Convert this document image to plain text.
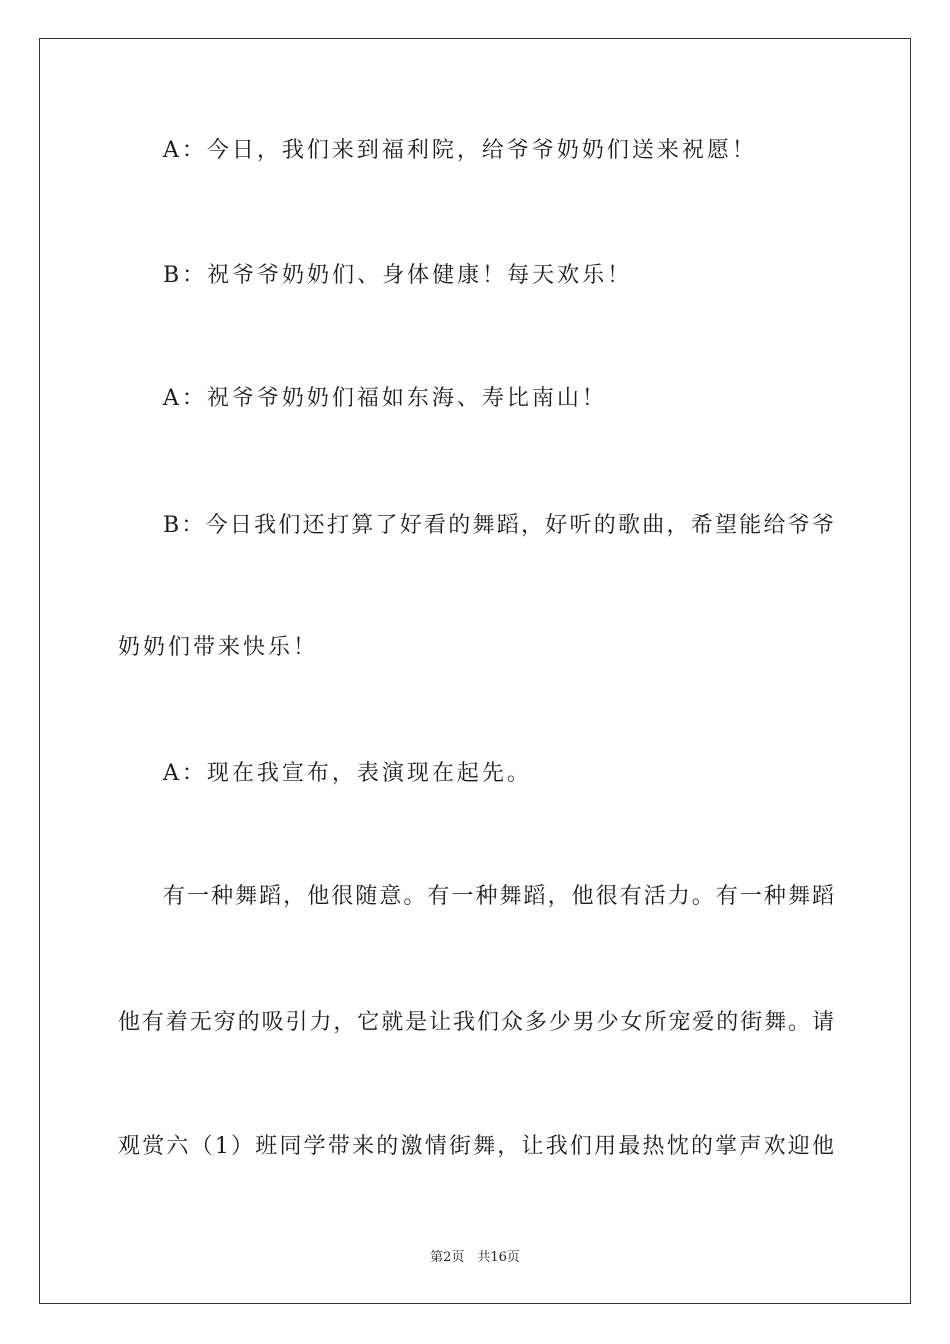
A：今日，我们来到福利院，给爷爷奶奶们送来祝愿！
B：祝爷爷奶奶们、身体健康！每天欢乐！
A：祝爷爷奶奶们福如东海、寿比南山！
B：今日我们还打算了好看的舞蹈，好听的歌曲，希望能给爷爷
奶奶们带来快乐！
A：现在我宣布，表演现在起先。
有一种舞蹈，他很随意。有一种舞蹈，他很有活力。有一种舞蹈
他有着无穷的吸引力，它就是让我们众多少男少女所宠爱的街舞。请
观赏六（1）班同学带来的激情街舞，让我们用最热忱的掌声欢迎他
第2页　共16页
